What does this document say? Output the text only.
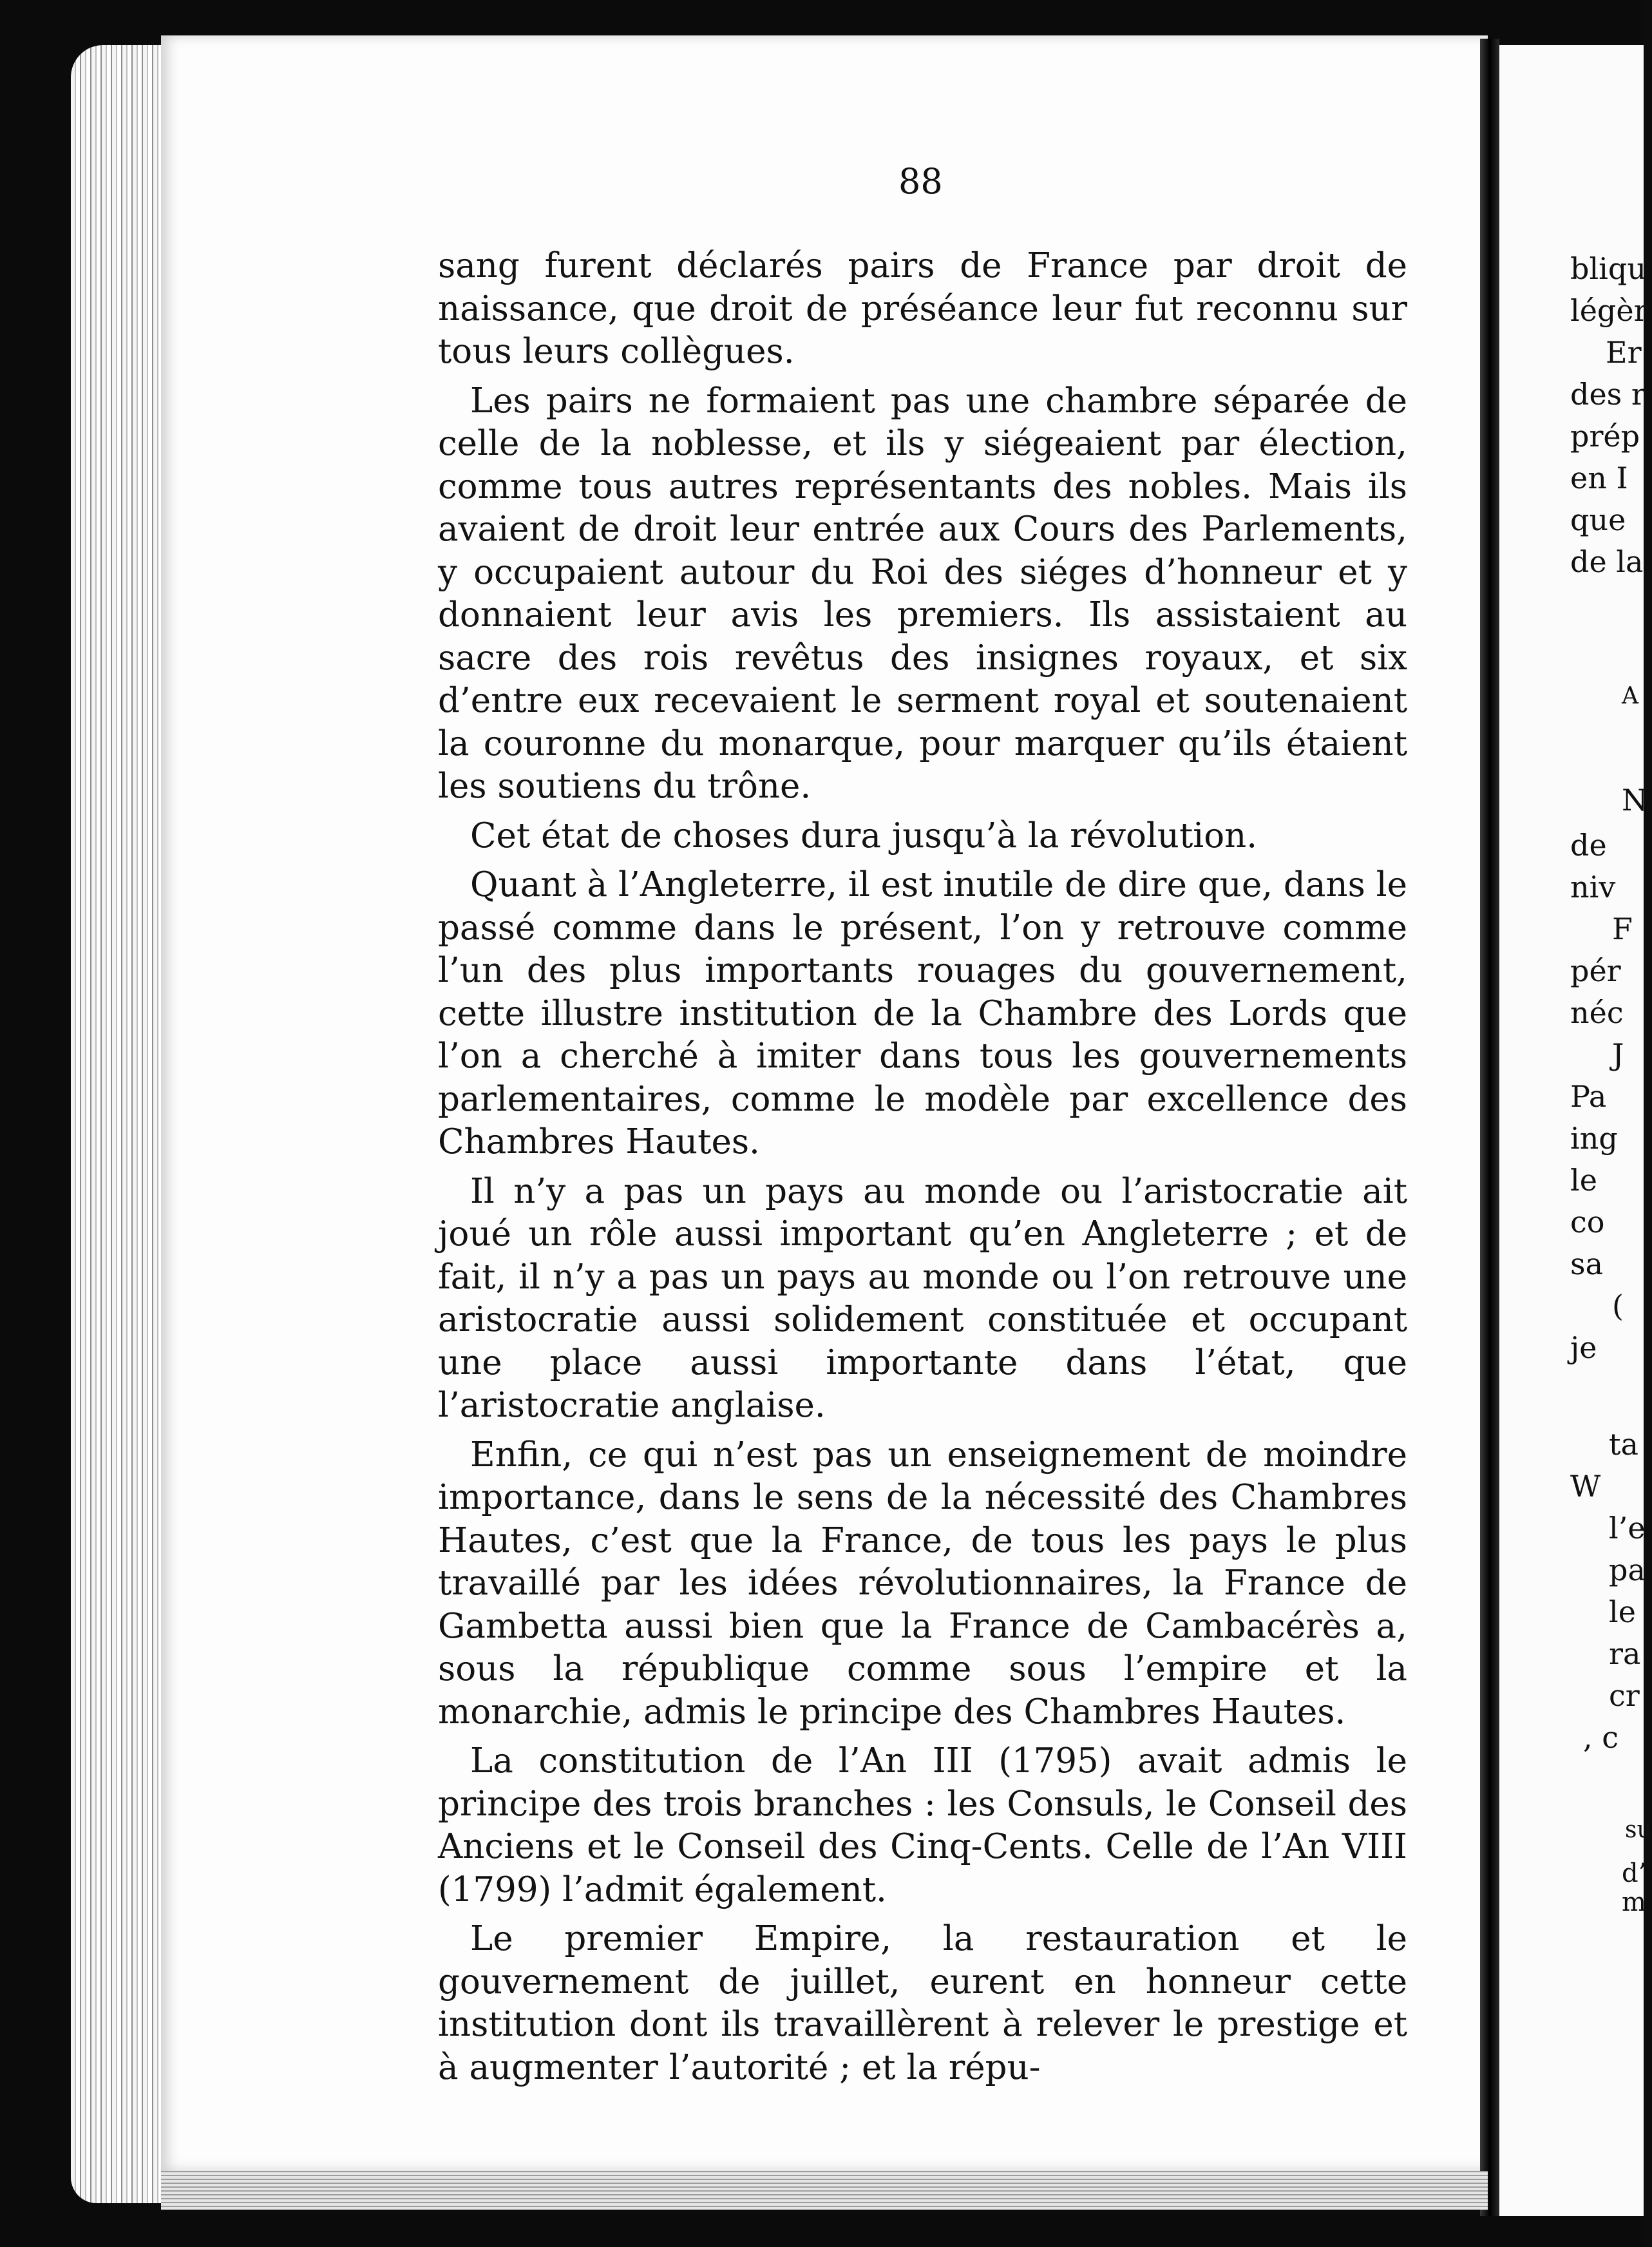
88

sang furent déclarés pairs de France par droit de naissance, que droit de préséance leur fut reconnu sur tous leurs collègues.

Les pairs ne formaient pas une chambre séparée de celle de la noblesse, et ils y siégeaient par élection, comme tous autres représentants des nobles. Mais ils avaient de droit leur entrée aux Cours des Parlements, y occupaient autour du Roi des siéges d’honneur et y donnaient leur avis les premiers. Ils assistaient au sacre des rois revêtus des insignes royaux, et six d’entre eux recevaient le serment royal et soutenaient la couronne du monarque, pour marquer qu’ils étaient les soutiens du trône.

Cet état de choses dura jusqu’à la révolution.

Quant à l’Angleterre, il est inutile de dire que, dans le passé comme dans le présent, l’on y retrouve comme l’un des plus importants rouages du gouvernement, cette illustre institution de la Chambre des Lords que l’on a cherché à imiter dans tous les gouvernements parlementaires, comme le modèle par excellence des Chambres Hautes.

Il n’y a pas un pays au monde ou l’aristocratie ait joué un rôle aussi important qu’en Angleterre ; et de fait, il n’y a pas un pays au monde ou l’on retrouve une aristocratie aussi solidement constituée et occupant une place aussi importante dans l’état, que l’aristocratie anglaise.

Enfin, ce qui n’est pas un enseignement de moindre importance, dans le sens de la nécessité des Chambres Hautes, c’est que la France, de tous les pays le plus travaillé par les idées révolutionnaires, la France de Gambetta aussi bien que la France de Cambacérès a, sous la république comme sous l’empire et la monarchie, admis le principe des Chambres Hautes.

La constitution de l’An III (1795) avait admis le principe des trois branches : les Consuls, le Conseil des Anciens et le Conseil des Cinq-Cents. Celle de l’An VIII (1799) l’admit également.

Le premier Empire, la restauration et le gouvernement de juillet, eurent en honneur cette institution dont ils travaillèrent à relever le prestige et à augmenter l’autorité ; et la répu-

bliqu
légèr
Er
des r
prép
en I
que
de la
A
N
de
niv
F
pér
néc
J
Pa
ing
le
co
sa
(
je
ta
W
l’e
pa
le
ra
cr
, c
su
d’
m
